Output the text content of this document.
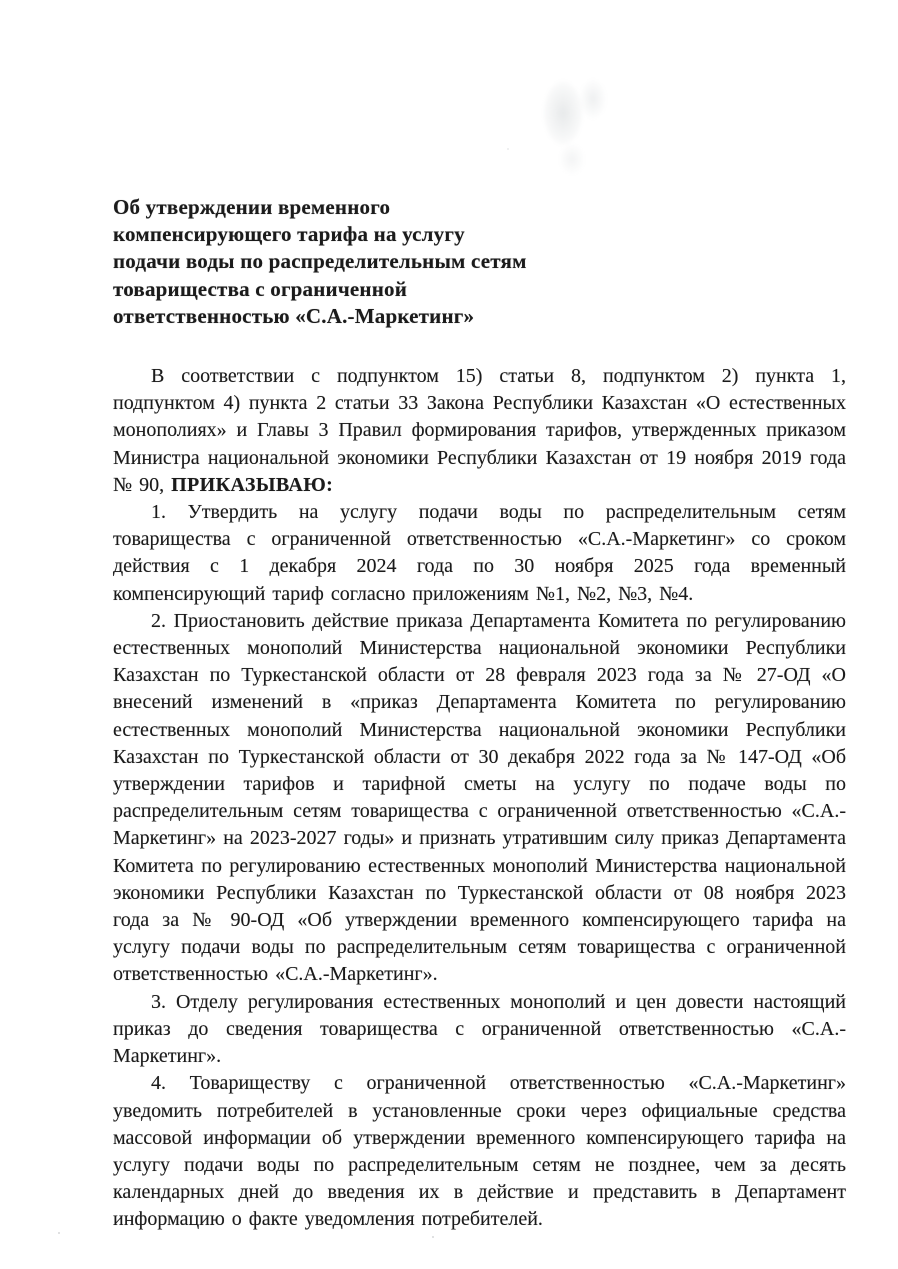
Об утверждении временного
компенсирующего тарифа на услугу
подачи воды по распределительным сетям
товарищества с ограниченной
ответственностью «С.А.-Маркетинг»

В соответствии с подпунктом 15) статьи 8, подпунктом 2) пункта 1, подпунктом 4) пункта 2 статьи 33 Закона Республики Казахстан «О естественных монополиях» и Главы 3 Правил формирования тарифов, утвержденных приказом Министра национальной экономики Республики Казахстан от 19 ноября 2019 года № 90, ПРИКАЗЫВАЮ:

1. Утвердить на услугу подачи воды по распределительным сетям товарищества с ограниченной ответственностью «С.А.-Маркетинг» со сроком действия с 1 декабря 2024 года по 30 ноября 2025 года временный компенсирующий тариф согласно приложениям №1, №2, №3, №4.

2. Приостановить действие приказа Департамента Комитета по регулированию естественных монополий Министерства национальной экономики Республики Казахстан по Туркестанской области от 28 февраля 2023 года за № 27-ОД «О внесений изменений в «приказ Департамента Комитета по регулированию естественных монополий Министерства национальной экономики Республики Казахстан по Туркестанской области от 30 декабря 2022 года за № 147-ОД «Об утверждении тарифов и тарифной сметы на услугу по подаче воды по распределительным сетям товарищества с ограниченной ответственностью «С.А.-Маркетинг» на 2023-2027 годы» и признать утратившим силу приказ Департамента Комитета по регулированию естественных монополий Министерства национальной экономики Республики Казахстан по Туркестанской области от 08 ноября 2023 года за № 90-ОД «Об утверждении временного компенсирующего тарифа на услугу подачи воды по распределительным сетям товарищества с ограниченной ответственностью «С.А.-Маркетинг».

3. Отделу регулирования естественных монополий и цен довести настоящий приказ до сведения товарищества с ограниченной ответственностью «С.А.-Маркетинг».

4. Товариществу с ограниченной ответственностью «С.А.-Маркетинг» уведомить потребителей в установленные сроки через официальные средства массовой информации об утверждении временного компенсирующего тарифа на услугу подачи воды по распределительным сетям не позднее, чем за десять календарных дней до введения их в действие и представить в Департамент информацию о факте уведомления потребителей.
